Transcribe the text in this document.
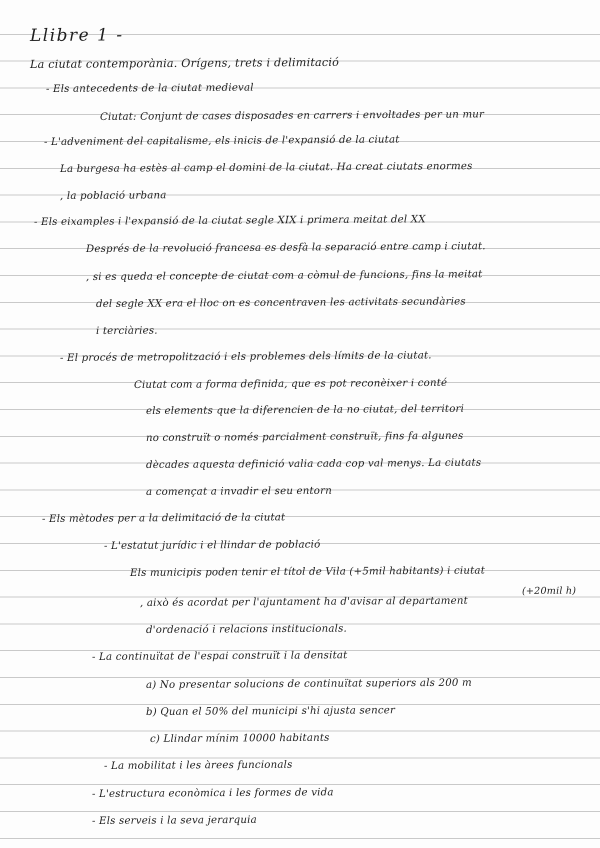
Llibre 1 -
La ciutat contemporània. Orígens, trets i delimitació
- Els antecedents de la ciutat medieval
Ciutat: Conjunt de cases disposades en carrers i envoltades per un mur
- L'adveniment del capitalisme, els inicis de l'expansió de la ciutat
La burgesa ha estès al camp el domini de la ciutat. Ha creat ciutats enormes
, la població urbana
- Els eixamples i l'expansió de la ciutat segle XIX i primera meitat del XX
Després de la revolució francesa es desfà la separació entre camp i ciutat.
, si es queda el concepte de ciutat com a còmul de funcions, fins la meitat
del segle XX era el lloc on es concentraven les activitats secundàries
i terciàries.
- El procés de metropolització i els problemes dels límits de la ciutat.
Ciutat com a forma definida, que es pot reconèixer i conté
els elements que la diferencien de la no ciutat, del territori
no construït o només parcialment construït, fins fa algunes
dècades aquesta definició valia cada cop val menys. La ciutats
a començat a invadir el seu entorn
- Els mètodes per a la delimitació de la ciutat
- L'estatut jurídic i el llindar de població
Els municipis poden tenir el títol de Vila (+5mil habitants) i ciutat
(+20mil h)
, això és acordat per l'ajuntament ha d'avisar al departament
d'ordenació i relacions institucionals.
- La continuïtat de l'espai construït i la densitat
a) No presentar solucions de continuïtat superiors als 200 m
b) Quan el 50% del municipi s'hi ajusta sencer
c) Llindar mínim 10000 habitants
- La mobilitat i les àrees funcionals
- L'estructura econòmica i les formes de vida
- Els serveis i la seva jerarquia
